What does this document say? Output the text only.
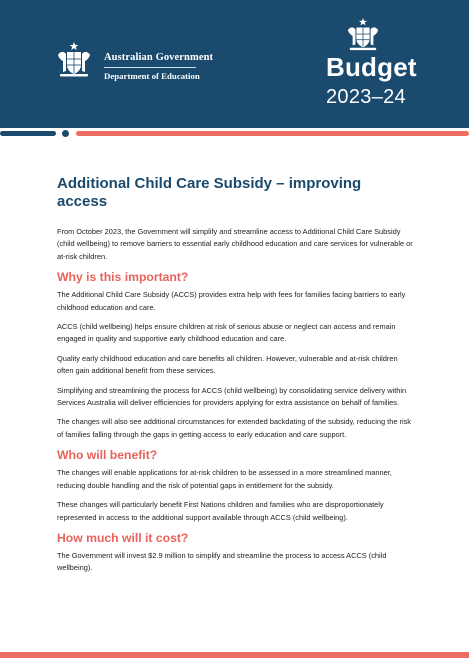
Australian Government
Department of Education	Budget
2023–24
Additional Child Care Subsidy – improving access

From October 2023, the Government will simplify and streamline access to Additional Child Care Subsidy (child wellbeing) to remove barriers to essential early childhood education and care services for vulnerable or at-risk children.

Why is this important?

The Additional Child Care Subsidy (ACCS) provides extra help with fees for families facing barriers to early childhood education and care.

ACCS (child wellbeing) helps ensure children at risk of serious abuse or neglect can access and remain engaged in quality and supportive early childhood education and care.

Quality early childhood education and care benefits all children. However, vulnerable and at-risk children often gain additional benefit from these services.

Simplifying and streamlining the process for ACCS (child wellbeing) by consolidating service delivery within Services Australia will deliver efficiencies for providers applying for extra assistance on behalf of families.

The changes will also see additional circumstances for extended backdating of the subsidy, reducing the risk of families falling through the gaps in getting access to early education and care support.

Who will benefit?

The changes will enable applications for at-risk children to be assessed in a more streamlined manner, reducing double handling and the risk of potential gaps in entitlement for the subsidy.

These changes will particularly benefit First Nations children and families who are disproportionately represented in access to the additional support available through ACCS (child wellbeing).

How much will it cost?

The Government will invest $2.9 million to simplify and streamline the process to access ACCS (child wellbeing).
